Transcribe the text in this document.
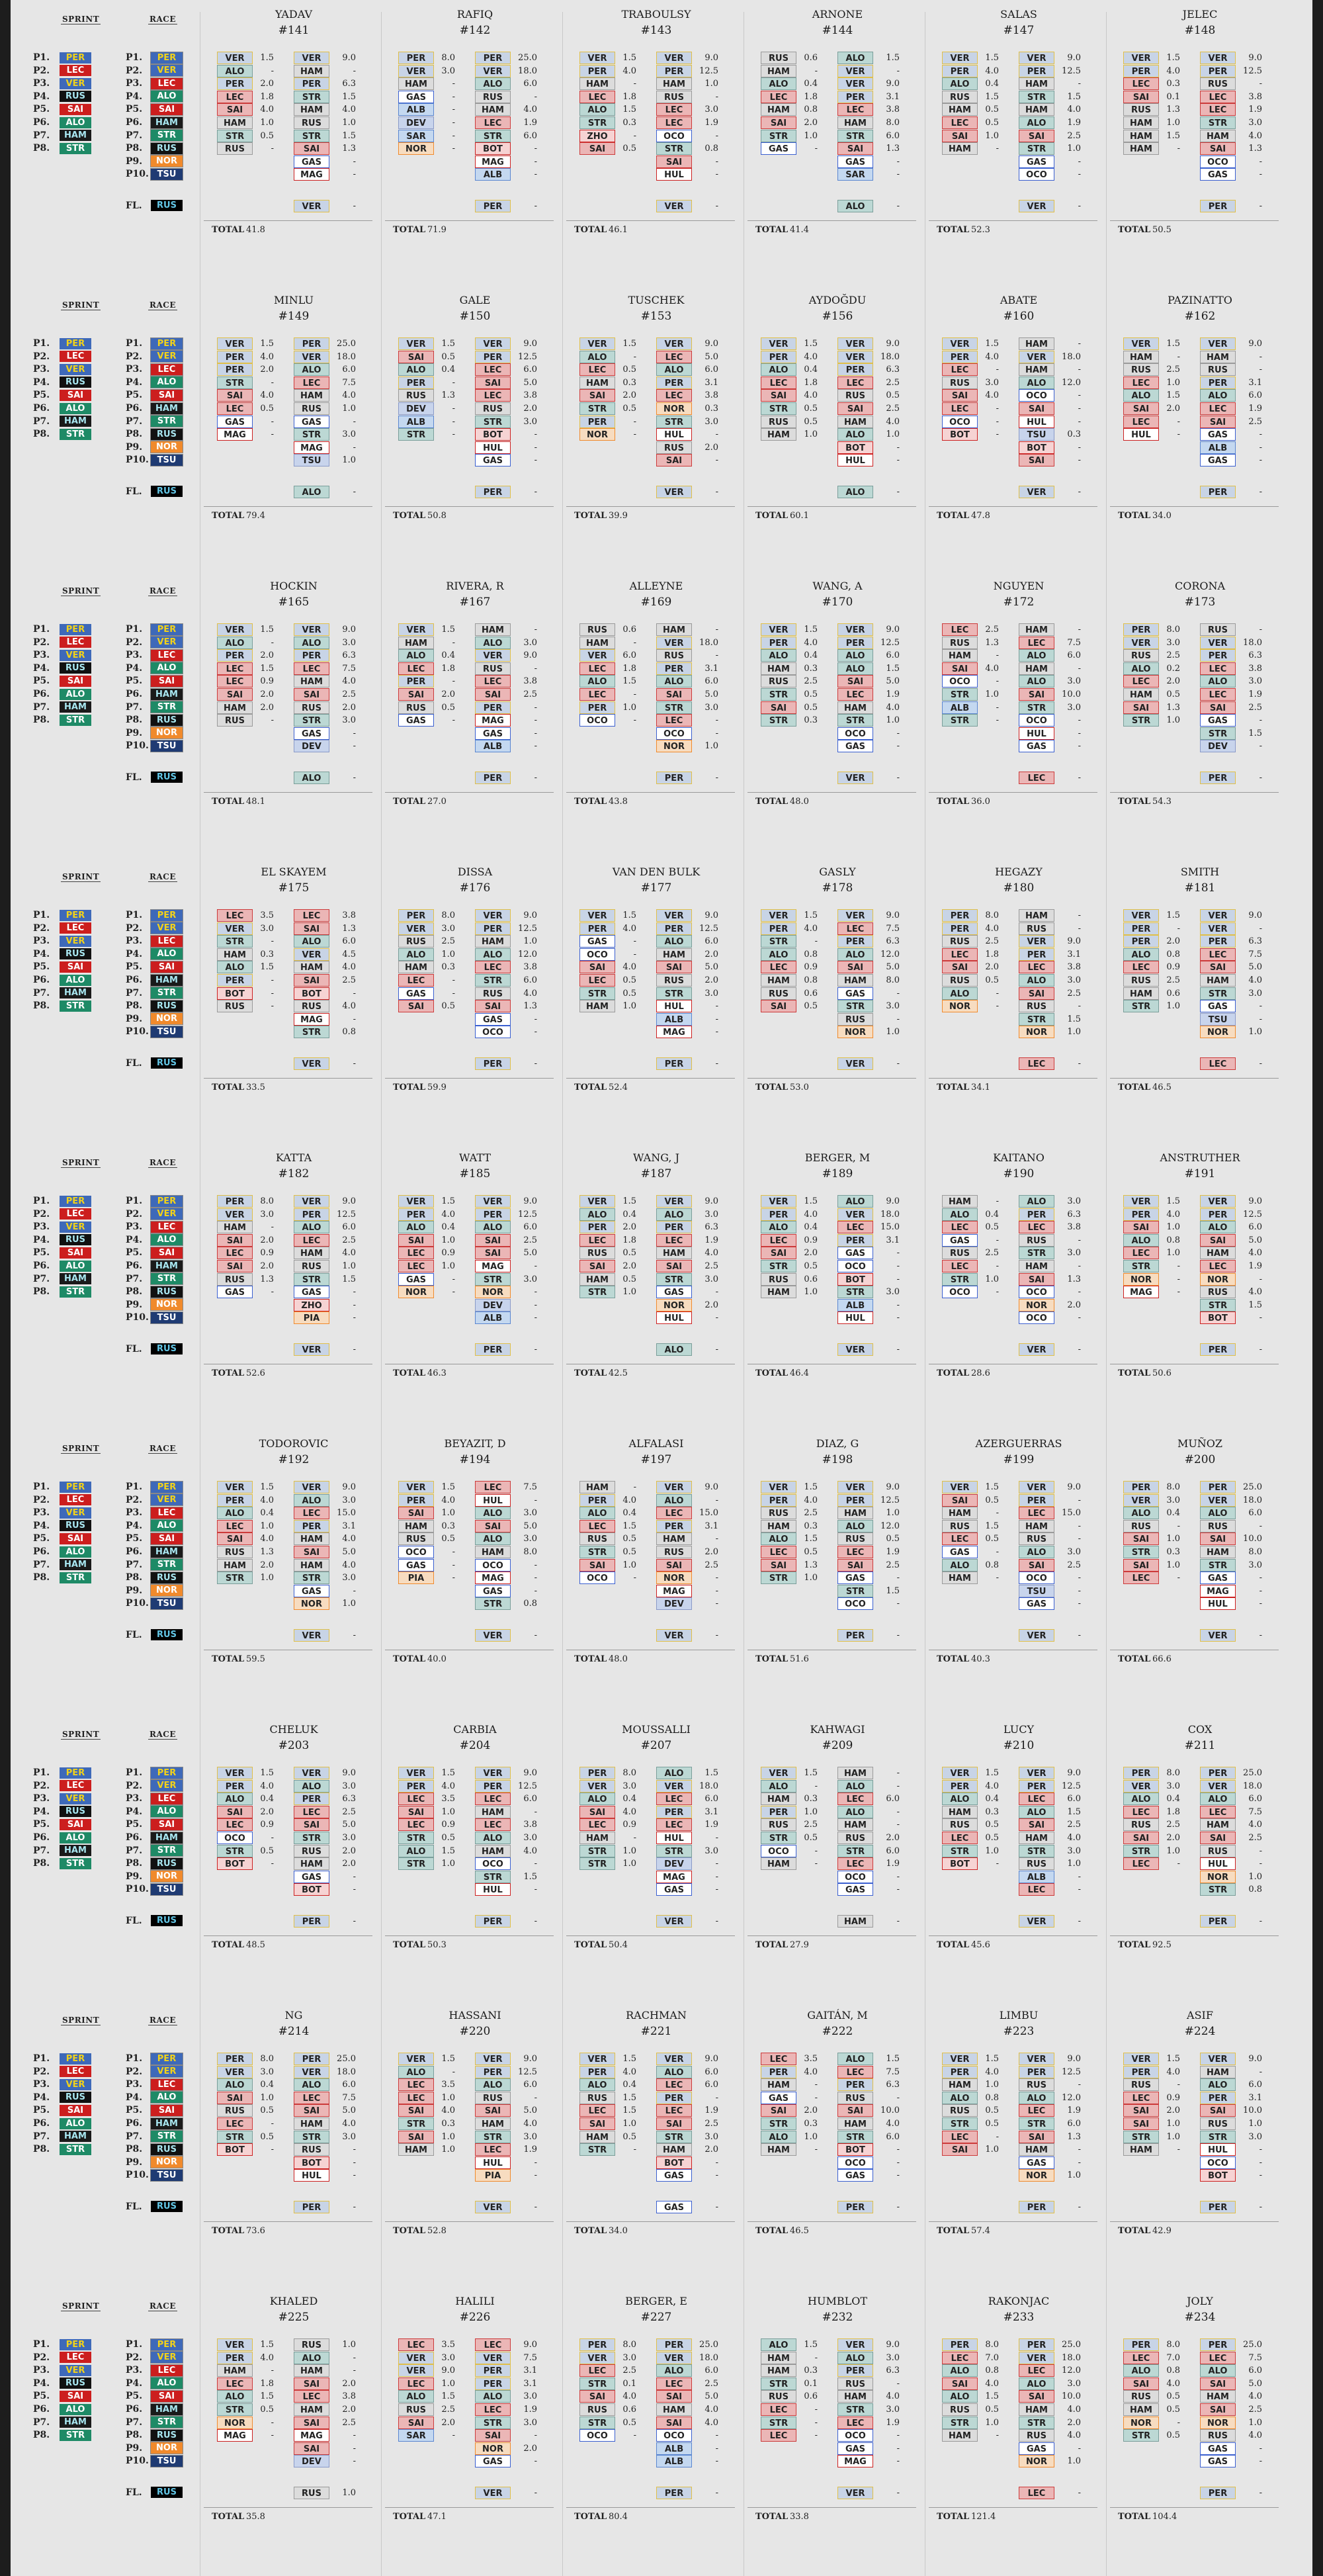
SPRINT	RACE
P1.	PER
P2.	LEC
P3.	VER
P4.	RUS
P5.	SAI
P6.	ALO
P7.	HAM
P8.	STR
P1.	PER
P2.	VER
P3.	LEC
P4.	ALO
P5.	SAI
P6.	HAM
P7.	STR
P8.	RUS
P9.	NOR
P10. TSU
FL.	RUS
YADAV
#141
VER	1.5
ALO	-
PER	2.0
LEC	1.8
SAI	4.0
HAM	1.0
STR	0.5
RUS	-
VER	9.0
HAM	-
PER	6.3
STR	1.5
HAM	4.0
RUS	1.0
STR	1.5
SAI	1.3
GAS	-
MAG	-
VER	-
TOTAL 41.8
RAFIQ
#142
PER	8.0
VER	3.0
HAM	-
GAS	-
ALB	-
DEV	-
SAR	-
NOR	-
PER	25.0
VER	18.0
ALO	6.0
RUS	-
HAM	4.0
LEC	1.9
STR	6.0
BOT	-
MAG	-
ALB	-
PER	-
TOTAL 71.9
TRABOULSY
#143
VER	1.5
PER	4.0
HAM	-
LEC	1.8
ALO	1.5
STR	0.3
ZHO	-
SAI	0.5
VER	9.0
PER	12.5
HAM	1.0
RUS	-
LEC	3.0
LEC	1.9
OCO	-
STR	0.8
SAI	-
HUL	-
VER	-
TOTAL 46.1
ARNONE
#144
RUS	0.6
HAM	-
ALO	0.4
LEC	1.8
HAM	0.8
SAI	2.0
STR	1.0
GAS	-
ALO	1.5
VER	-
VER	9.0
PER	3.1
LEC	3.8
HAM	8.0
STR	6.0
SAI	1.3
GAS	-
SAR	-
ALO	-
TOTAL 41.4
SALAS
#147
VER	1.5
PER	4.0
ALO	0.4
RUS	1.5
HAM	0.5
LEC	0.5
SAI	1.0
HAM	-
VER	9.0
PER	12.5
HAM	-
STR	1.5
HAM	4.0
ALO	1.9
SAI	2.5
STR	1.0
GAS	-
OCO	-
VER	-
TOTAL 52.3
JELEC
#148
VER	1.5
PER	4.0
LEC	0.3
SAI	0.1
RUS	1.3
HAM	1.0
HAM	1.5
HAM	-
VER	9.0
PER	12.5
RUS	-
LEC	3.8
LEC	1.9
STR	3.0
HAM	4.0
SAI	1.3
OCO	-
GAS	-
PER	-
TOTAL 50.5
SPRINT	RACE
P1.	PER
P2.	LEC
P3.	VER
P4.	RUS
P5.	SAI
P6.	ALO
P7.	HAM
P8.	STR
P1.	PER
P2.	VER
P3.	LEC
P4.	ALO
P5.	SAI
P6.	HAM
P7.	STR
P8.	RUS
P9.	NOR
P10. TSU
FL.	RUS
MINLU
#149
VER	1.5
PER	4.0
PER	2.0
STR	-
SAI	4.0
LEC	0.5
GAS	-
MAG	-
PER	25.0
VER	18.0
ALO	6.0
LEC	7.5
HAM	4.0
RUS	1.0
GAS	-
STR	3.0
MAG	-
TSU	1.0
ALO	-
TOTAL 79.4
GALE
#150
VER	1.5
SAI	0.5
ALO	0.4
PER	-
RUS	1.3
DEV	-
ALB	-
STR	-
VER	9.0
PER	12.5
LEC	6.0
SAI	5.0
LEC	3.8
RUS	2.0
STR	3.0
BOT	-
HUL	-
GAS	-
PER	-
TOTAL 50.8
TUSCHEK
#153
VER	1.5
ALO	-
LEC	0.5
HAM	0.3
SAI	2.0
STR	0.5
PER	-
NOR	-
VER	9.0
LEC	5.0
ALO	6.0
PER	3.1
LEC	3.8
NOR	0.3
STR	3.0
HUL	-
RUS	2.0
SAI	-
VER	-
TOTAL 39.9
AYDOĞDU
#156
VER	1.5
PER	4.0
ALO	0.4
LEC	1.8
SAI	4.0
STR	0.5
RUS	0.5
HAM	1.0
VER	9.0
VER	18.0
PER	6.3
LEC	2.5
RUS	0.5
SAI	2.5
HAM	4.0
ALO	1.0
BOT	-
HUL	-
ALO	-
TOTAL 60.1
ABATE
#160
VER	1.5
PER	4.0
LEC	-
RUS	3.0
SAI	4.0
LEC	-
OCO	-
BOT	-
HAM	-
VER	18.0
HAM	-
ALO	12.0
OCO	-
SAI	-
HUL	-
TSU	0.3
BOT	-
SAI	-
VER	-
TOTAL 47.8
PAZINATTO
#162
VER	1.5
HAM	-
RUS	2.5
LEC	1.0
ALO	1.5
SAI	2.0
LEC	-
HUL	-
VER	9.0
HAM	-
RUS	-
PER	3.1
ALO	6.0
LEC	1.9
SAI	2.5
GAS	-
ALB	-
GAS	-
PER	-
TOTAL 34.0
SPRINT	RACE
P1.	PER
P2.	LEC
P3.	VER
P4.	RUS
P5.	SAI
P6.	ALO
P7.	HAM
P8.	STR
P1.	PER
P2.	VER
P3.	LEC
P4.	ALO
P5.	SAI
P6.	HAM
P7.	STR
P8.	RUS
P9.	NOR
P10. TSU
FL.	RUS
HOCKIN
#165
VER	1.5
ALO	-
PER	2.0
LEC	1.5
LEC	0.9
SAI	2.0
HAM	2.0
RUS	-
VER	9.0
ALO	3.0
PER	6.3
LEC	7.5
HAM	4.0
SAI	2.5
RUS	2.0
STR	3.0
GAS	-
DEV	-
ALO	-
TOTAL 48.1
RIVERA, R
#167
VER	1.5
HAM	-
ALO	0.4
LEC	1.8
PER	-
SAI	2.0
RUS	0.5
GAS	-
HAM	-
ALO	3.0
VER	9.0
RUS	-
LEC	3.8
SAI	2.5
PER	-
MAG	-
GAS	-
ALB	-
PER	-
TOTAL 27.0
ALLEYNE
#169
RUS	0.6
HAM	-
VER	6.0
LEC	1.8
ALO	1.5
LEC	-
PER	1.0
OCO	-
HAM	-
VER	18.0
RUS	-
PER	3.1
ALO	6.0
SAI	5.0
STR	3.0
LEC	-
OCO	-
NOR	1.0
PER	-
TOTAL 43.8
WANG, A
#170
VER	1.5
PER	4.0
ALO	0.4
HAM	0.3
RUS	2.5
STR	0.5
SAI	0.5
STR	0.3
VER	9.0
PER	12.5
ALO	6.0
ALO	1.5
SAI	5.0
LEC	1.9
HAM	4.0
STR	1.0
OCO	-
GAS	-
VER	-
TOTAL 48.0
NGUYEN
#172
LEC	2.5
RUS	1.3
HAM	-
SAI	4.0
OCO	-
STR	1.0
ALB	-
STR	-
HAM	-
LEC	7.5
ALO	6.0
HAM	-
ALO	3.0
SAI	10.0
STR	3.0
OCO	-
HUL	-
GAS	-
LEC	-
TOTAL 36.0
CORONA
#173
PER	8.0
VER	3.0
RUS	2.5
ALO	0.2
LEC	2.0
HAM	0.5
SAI	1.3
STR	1.0
RUS	-
VER	18.0
PER	6.3
LEC	3.8
ALO	3.0
LEC	1.9
SAI	2.5
GAS	-
STR	1.5
DEV	-
PER	-
TOTAL 54.3
SPRINT	RACE
P1.	PER
P2.	LEC
P3.	VER
P4.	RUS
P5.	SAI
P6.	ALO
P7.	HAM
P8.	STR
P1.	PER
P2.	VER
P3.	LEC
P4.	ALO
P5.	SAI
P6.	HAM
P7.	STR
P8.	RUS
P9.	NOR
P10. TSU
FL.	RUS
EL SKAYEM
#175
LEC	3.5
VER	3.0
STR	-
HAM	0.3
ALO	1.5
PER	-
BOT	-
RUS	-
LEC	3.8
SAI	1.3
ALO	6.0
VER	4.5
HAM	4.0
SAI	2.5
BOT	-
RUS	4.0
MAG	-
STR	0.8
VER	-
TOTAL 33.5
DISSA
#176
PER	8.0
VER	3.0
RUS	2.5
ALO	1.0
HAM	0.3
LEC	-
GAS	-
SAI	0.5
VER	9.0
PER	12.5
HAM	1.0
ALO	12.0
LEC	3.8
STR	6.0
RUS	4.0
SAI	1.3
GAS	-
OCO	-
PER	-
TOTAL 59.9
VAN DEN BULK
#177
VER	1.5
PER	4.0
GAS	-
OCO	-
SAI	4.0
LEC	0.5
STR	0.5
HAM	1.0
VER	9.0
PER	12.5
ALO	6.0
HAM	2.0
SAI	5.0
RUS	2.0
STR	3.0
HUL	-
ALB	-
MAG	-
PER	-
TOTAL 52.4
GASLY
#178
VER	1.5
PER	4.0
STR	-
ALO	0.8
LEC	0.9
HAM	0.8
RUS	0.6
SAI	0.5
VER	9.0
LEC	7.5
PER	6.3
ALO	12.0
SAI	5.0
HAM	8.0
GAS	-
STR	3.0
RUS	-
NOR	1.0
VER	-
TOTAL 53.0
HEGAZY
#180
PER	8.0
PER	4.0
RUS	2.5
LEC	1.8
SAI	2.0
RUS	0.5
ALO	-
NOR	-
HAM	-
RUS	-
VER	9.0
PER	3.1
LEC	3.8
ALO	3.0
SAI	2.5
RUS	-
STR	1.5
NOR	1.0
LEC	-
TOTAL 34.1
SMITH
#181
VER	1.5
PER	-
PER	2.0
ALO	0.8
LEC	0.9
RUS	2.5
HAM	0.6
STR	1.0
VER	9.0
VER	-
PER	6.3
LEC	7.5
SAI	5.0
HAM	4.0
STR	3.0
GAS	-
TSU	-
NOR	1.0
LEC	-
TOTAL 46.5
SPRINT	RACE
P1.	PER
P2.	LEC
P3.	VER
P4.	RUS
P5.	SAI
P6.	ALO
P7.	HAM
P8.	STR
P1.	PER
P2.	VER
P3.	LEC
P4.	ALO
P5.	SAI
P6.	HAM
P7.	STR
P8.	RUS
P9.	NOR
P10. TSU
FL.	RUS
KATTA
#182
PER	8.0
VER	3.0
HAM	-
SAI	2.0
LEC	0.9
SAI	2.0
RUS	1.3
GAS	-
VER	9.0
PER	12.5
ALO	6.0
LEC	2.5
HAM	4.0
RUS	1.0
STR	1.5
GAS	-
ZHO	-
PIA	-
VER	-
TOTAL 52.6
WATT
#185
VER	1.5
PER	4.0
ALO	0.4
SAI	1.0
LEC	0.9
LEC	1.0
GAS	-
NOR	-
VER	9.0
PER	12.5
ALO	6.0
SAI	2.5
SAI	5.0
MAG	-
STR	3.0
NOR	-
DEV	-
ALB	-
PER	-
TOTAL 46.3
WANG, J
#187
VER	1.5
ALO	0.4
PER	2.0
LEC	1.8
RUS	0.5
SAI	2.0
HAM	0.5
STR	1.0
VER	9.0
ALO	3.0
PER	6.3
LEC	1.9
HAM	4.0
SAI	2.5
STR	3.0
GAS	-
NOR	2.0
HUL	-
ALO	-
TOTAL 42.5
BERGER, M
#189
VER	1.5
PER	4.0
ALO	0.4
LEC	0.9
SAI	2.0
STR	0.5
RUS	0.6
HAM	1.0
ALO	9.0
VER	18.0
LEC	15.0
PER	3.1
GAS	-
OCO	-
BOT	-
STR	3.0
ALB	-
HUL	-
VER	-
TOTAL 46.4
KAITANO
#190
HAM	-
ALO	0.4
LEC	0.5
GAS	-
RUS	2.5
LEC	-
STR	1.0
OCO	-
ALO	3.0
PER	6.3
LEC	3.8
RUS	-
STR	3.0
HAM	-
SAI	1.3
OCO	-
NOR	2.0
OCO	-
VER	-
TOTAL 28.6
ANSTRUTHER
#191
VER	1.5
PER	4.0
SAI	1.0
ALO	0.8
LEC	1.0
STR	-
NOR	-
MAG	-
VER	9.0
PER	12.5
ALO	6.0
SAI	5.0
HAM	4.0
LEC	1.9
NOR	-
RUS	4.0
STR	1.5
BOT	-
PER	-
TOTAL 50.6
SPRINT	RACE
P1.	PER
P2.	LEC
P3.	VER
P4.	RUS
P5.	SAI
P6.	ALO
P7.	HAM
P8.	STR
P1.	PER
P2.	VER
P3.	LEC
P4.	ALO
P5.	SAI
P6.	HAM
P7.	STR
P8.	RUS
P9.	NOR
P10. TSU
FL.	RUS
TODOROVIC
#192
VER	1.5
PER	4.0
ALO	0.4
LEC	1.0
SAI	4.0
RUS	1.3
HAM	2.0
STR	1.0
VER	9.0
ALO	3.0
LEC	15.0
PER	3.1
HAM	4.0
SAI	5.0
HAM	4.0
STR	3.0
GAS	-
NOR	1.0
VER	-
TOTAL 59.5
BEYAZIT, D
#194
VER	1.5
PER	4.0
SAI	1.0
HAM	0.3
RUS	0.5
OCO	-
GAS	-
PIA	-
LEC	7.5
HUL	-
ALO	3.0
SAI	5.0
ALO	3.0
HAM	8.0
OCO	-
MAG	-
GAS	-
STR	0.8
VER	-
TOTAL 40.0
ALFALASI
#197
HAM	-
PER	4.0
ALO	0.4
LEC	1.5
RUS	0.5
STR	0.5
SAI	1.0
OCO	-
VER	9.0
ALO	-
LEC	15.0
PER	3.1
HAM	-
RUS	2.0
SAI	2.5
NOR	-
MAG	-
DEV	-
VER	-
TOTAL 48.0
DIAZ, G
#198
VER	1.5
PER	4.0
RUS	2.5
HAM	0.3
ALO	1.5
LEC	0.5
SAI	1.3
STR	1.0
VER	9.0
PER	12.5
HAM	1.0
ALO	12.0
RUS	0.5
LEC	1.9
SAI	2.5
GAS	-
STR	1.5
OCO	-
PER	-
TOTAL 51.6
AZERGUERRAS
#199
VER	1.5
SAI	0.5
HAM	-
RUS	1.5
LEC	0.5
GAS	-
ALO	0.8
HAM	-
VER	9.0
PER	-
LEC	15.0
HAM	-
RUS	-
ALO	3.0
SAI	2.5
OCO	-
TSU	-
GAS	-
VER	-
TOTAL 40.3
MUÑOZ
#200
PER	8.0
VER	3.0
ALO	0.4
RUS	-
SAI	1.0
STR	0.3
SAI	1.0
LEC	-
PER	25.0
VER	18.0
ALO	6.0
RUS	-
SAI	10.0
HAM	8.0
STR	3.0
GAS	-
MAG	-
HUL	-
VER	-
TOTAL 66.6
SPRINT	RACE
P1.	PER
P2.	LEC
P3.	VER
P4.	RUS
P5.	SAI
P6.	ALO
P7.	HAM
P8.	STR
P1.	PER
P2.	VER
P3.	LEC
P4.	ALO
P5.	SAI
P6.	HAM
P7.	STR
P8.	RUS
P9.	NOR
P10. TSU
FL.	RUS
CHELUK
#203
VER	1.5
PER	4.0
ALO	0.4
SAI	2.0
LEC	0.9
OCO	-
STR	0.5
BOT	-
VER	9.0
ALO	3.0
PER	6.3
LEC	2.5
SAI	5.0
STR	3.0
RUS	2.0
HAM	2.0
GAS	-
BOT	-
PER	-
TOTAL 48.5
CARBIA
#204
VER	1.5
PER	4.0
LEC	3.5
SAI	1.0
LEC	0.9
STR	0.5
ALO	1.5
STR	1.0
VER	9.0
PER	12.5
LEC	6.0
HAM	-
LEC	3.8
ALO	3.0
HAM	4.0
OCO	-
STR	1.5
HUL	-
PER	-
TOTAL 50.3
MOUSSALLI
#207
PER	8.0
VER	3.0
ALO	0.4
SAI	4.0
LEC	0.9
HAM	-
STR	1.0
STR	1.0
ALO	1.5
VER	18.0
LEC	6.0
PER	3.1
LEC	1.9
HUL	-
STR	3.0
DEV	-
MAG	-
GAS	-
VER	-
TOTAL 50.4
KAHWAGI
#209
VER	1.5
ALO	-
HAM	0.3
PER	1.0
RUS	2.5
STR	0.5
OCO	-
HAM	-
HAM	-
ALO	-
LEC	6.0
ALO	-
HAM	-
RUS	2.0
STR	6.0
LEC	1.9
OCO	-
GAS	-
HAM	-
TOTAL 27.9
LUCY
#210
VER	1.5
PER	4.0
ALO	0.4
HAM	0.3
RUS	0.5
LEC	0.5
STR	1.0
BOT	-
VER	9.0
PER	12.5
LEC	6.0
ALO	1.5
SAI	2.5
HAM	4.0
STR	3.0
RUS	1.0
ALB	-
LEC	-
VER	-
TOTAL 45.6
COX
#211
PER	8.0
VER	3.0
ALO	0.4
LEC	1.8
RUS	2.5
SAI	2.0
STR	1.0
LEC	-
PER	25.0
VER	18.0
ALO	6.0
LEC	7.5
HAM	4.0
SAI	2.5
RUS	-
HUL	-
NOR	1.0
STR	0.8
PER	-
TOTAL 92.5
SPRINT	RACE
P1.	PER
P2.	LEC
P3.	VER
P4.	RUS
P5.	SAI
P6.	ALO
P7.	HAM
P8.	STR
P1.	PER
P2.	VER
P3.	LEC
P4.	ALO
P5.	SAI
P6.	HAM
P7.	STR
P8.	RUS
P9.	NOR
P10. TSU
FL.	RUS
NG
#214
PER	8.0
VER	3.0
ALO	0.4
SAI	1.0
RUS	0.5
LEC	-
STR	0.5
BOT	-
PER	25.0
VER	18.0
ALO	6.0
LEC	7.5
SAI	5.0
HAM	4.0
STR	3.0
RUS	-
BOT	-
HUL	-
PER	-
TOTAL 73.6
HASSANI
#220
VER	1.5
ALO	-
LEC	3.5
LEC	1.0
SAI	4.0
STR	0.3
SAI	1.0
HAM	1.0
VER	9.0
PER	12.5
ALO	6.0
RUS	-
SAI	5.0
HAM	4.0
STR	3.0
LEC	1.9
HUL	-
PIA	-
VER	-
TOTAL 52.8
RACHMAN
#221
VER	1.5
PER	4.0
ALO	0.4
RUS	1.5
LEC	1.5
SAI	1.0
HAM	0.5
STR	-
VER	9.0
ALO	6.0
LEC	6.0
PER	-
LEC	1.9
SAI	2.5
STR	3.0
HAM	2.0
BOT	-
GAS	-
GAS	-
TOTAL 34.0
GAITÁN, M
#222
LEC	3.5
PER	4.0
HAM	-
GAS	-
SAI	2.0
STR	0.3
ALO	1.0
HAM	-
ALO	1.5
LEC	7.5
PER	6.3
RUS	-
SAI	10.0
HAM	4.0
STR	6.0
BOT	-
OCO	-
GAS	-
PER	-
TOTAL 46.5
LIMBU
#223
VER	1.5
PER	4.0
HAM	1.0
ALO	0.8
RUS	0.5
STR	0.5
LEC	-
SAI	1.0
VER	9.0
PER	12.5
RUS	-
ALO	12.0
LEC	1.9
STR	6.0
SAI	1.3
HAM	-
GAS	-
NOR	1.0
PER	-
TOTAL 57.4
ASIF
#224
VER	1.5
PER	4.0
RUS	-
LEC	0.9
SAI	2.0
SAI	1.0
STR	1.0
HAM	-
VER	9.0
HAM	-
ALO	6.0
PER	3.1
SAI	10.0
RUS	1.0
STR	3.0
HUL	-
OCO	-
BOT	-
PER	-
TOTAL 42.9
SPRINT	RACE
P1.	PER
P2.	LEC
P3.	VER
P4.	RUS
P5.	SAI
P6.	ALO
P7.	HAM
P8.	STR
P1.	PER
P2.	VER
P3.	LEC
P4.	ALO
P5.	SAI
P6.	HAM
P7.	STR
P8.	RUS
P9.	NOR
P10. TSU
FL.	RUS
KHALED
#225
VER	1.5
PER	4.0
HAM	-
LEC	1.8
ALO	1.5
STR	0.5
NOR	-
MAG	-
RUS	1.0
ALO	-
HAM	-
SAI	2.0
LEC	3.8
HAM	2.0
SAI	2.5
MAG	-
SAI	-
DEV	-
RUS	1.0
TOTAL 35.8
HALILI
#226
LEC	3.5
VER	3.0
VER	9.0
LEC	1.0
ALO	1.5
RUS	2.5
SAI	2.0
SAR	-
LEC	9.0
VER	7.5
PER	3.1
PER	3.1
ALO	3.0
LEC	1.9
STR	3.0
SAI	-
NOR	2.0
GAS	-
VER	-
TOTAL 47.1
BERGER, E
#227
PER	8.0
VER	3.0
LEC	2.5
STR	0.1
SAI	4.0
RUS	0.6
STR	0.5
OCO	-
PER	25.0
VER	18.0
ALO	6.0
LEC	2.5
SAI	5.0
HAM	4.0
SAI	4.0
OCO	-
ALB	-
ALB	-
PER	-
TOTAL 80.4
HUMBLOT
#232
ALO	1.5
HAM	-
HAM	0.3
STR	0.1
RUS	0.6
LEC	-
STR	-
LEC	-
VER	9.0
ALO	3.0
PER	6.3
RUS	-
HAM	4.0
STR	3.0
LEC	1.9
OCO	-
GAS	-
MAG	-
VER	-
TOTAL 33.8
RAKONJAC
#233
PER	8.0
LEC	7.0
ALO	0.8
SAI	4.0
ALO	1.5
RUS	0.5
STR	1.0
HAM	-
PER	25.0
VER	18.0
LEC	12.0
ALO	3.0
SAI	10.0
HAM	4.0
STR	2.0
RUS	4.0
GAS	-
NOR	1.0
LEC	-
TOTAL 121.4
JOLY
#234
PER	8.0
LEC	7.0
ALO	0.8
SAI	4.0
RUS	0.5
HAM	0.5
NOR	-
STR	0.5
PER	25.0
LEC	7.5
ALO	6.0
SAI	5.0
HAM	4.0
SAI	2.5
NOR	1.0
RUS	4.0
GAS	-
GAS	-
PER	-
TOTAL 104.4
